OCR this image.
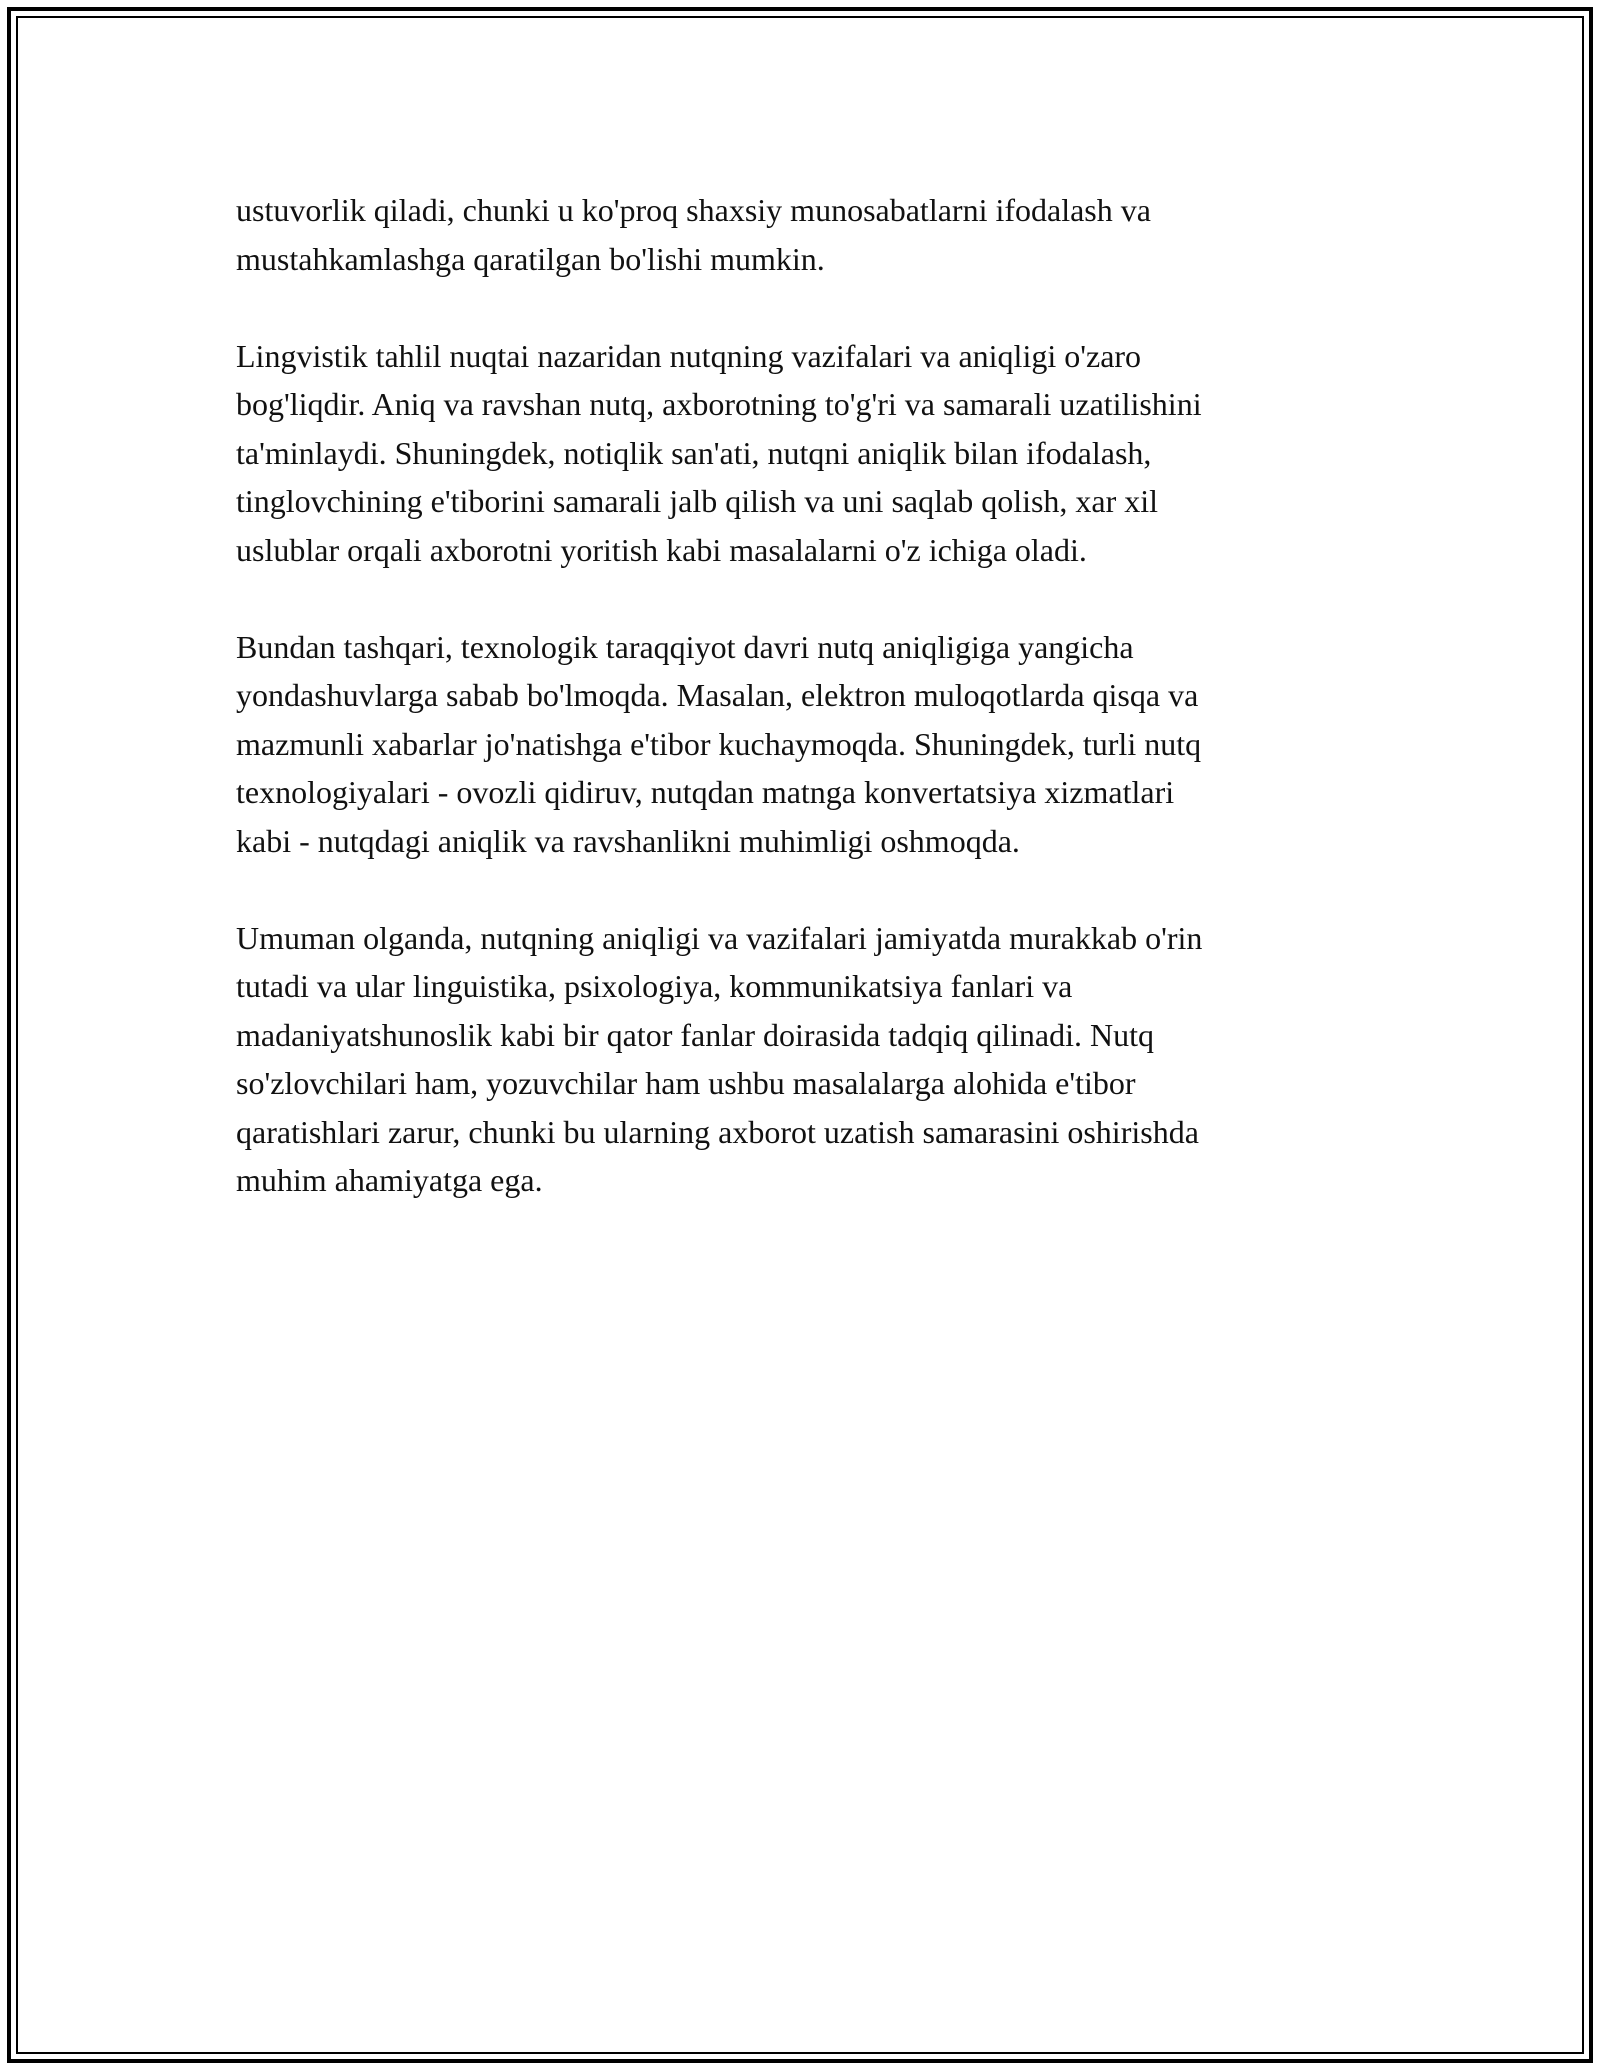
ustuvorlik qiladi, chunki u ko'proq shaxsiy munosabatlarni ifodalash va
mustahkamlashga qaratilgan bo'lishi mumkin.

Lingvistik tahlil nuqtai nazaridan nutqning vazifalari va aniqligi o'zaro
bog'liqdir. Aniq va ravshan nutq, axborotning to'g'ri va samarali uzatilishini
ta'minlaydi. Shuningdek, notiqlik san'ati, nutqni aniqlik bilan ifodalash,
tinglovchining e'tiborini samarali jalb qilish va uni saqlab qolish, xar xil
uslublar orqali axborotni yoritish kabi masalalarni o'z ichiga oladi.

Bundan tashqari, texnologik taraqqiyot davri nutq aniqligiga yangicha
yondashuvlarga sabab bo'lmoqda. Masalan, elektron muloqotlarda qisqa va
mazmunli xabarlar jo'natishga e'tibor kuchaymoqda. Shuningdek, turli nutq
texnologiyalari - ovozli qidiruv, nutqdan matnga konvertatsiya xizmatlari
kabi - nutqdagi aniqlik va ravshanlikni muhimligi oshmoqda.

Umuman olganda, nutqning aniqligi va vazifalari jamiyatda murakkab o'rin
tutadi va ular linguistika, psixologiya, kommunikatsiya fanlari va
madaniyatshunoslik kabi bir qator fanlar doirasida tadqiq qilinadi. Nutq
so'zlovchilari ham, yozuvchilar ham ushbu masalalarga alohida e'tibor
qaratishlari zarur, chunki bu ularning axborot uzatish samarasini oshirishda
muhim ahamiyatga ega.
